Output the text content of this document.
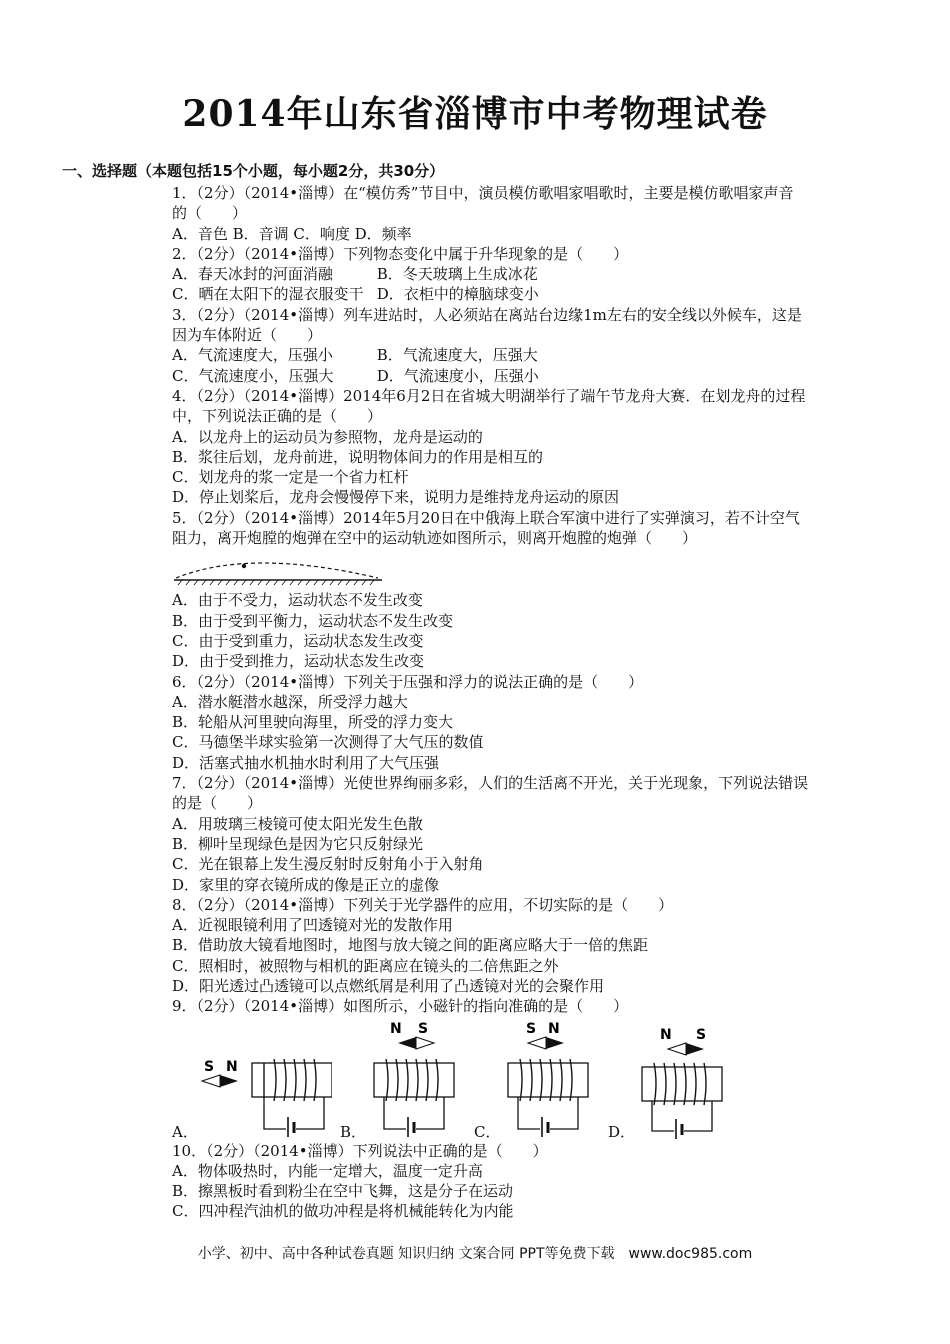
2014年山东省淄博市中考物理试卷
一、选择题（本题包括15个小题，每小题2分，共30分）

1．（2分）（2014•淄博）在“模仿秀”节目中，演员模仿歌唱家唱歌时，主要是模仿歌唱家声音

的（　　）

A．音色 B．音调 C．响度 D．频率

2．（2分）（2014•淄博）下列物态变化中属于升华现象的是（　　）

A．春天冰封的河面消融	B．冬天玻璃上生成冰花

C．晒在太阳下的湿衣服变干 D．衣柜中的樟脑球变小

3．（2分）（2014•淄博）列车进站时，人必须站在离站台边缘1m左右的安全线以外候车，这是

因为车体附近（　　）

A．气流速度大，压强小	B．气流速度大，压强大

C．气流速度小，压强大	D．气流速度小，压强小

4．（2分）（2014•淄博）2014年6月2日在省城大明湖举行了端午节龙舟大赛．在划龙舟的过程

中，下列说法正确的是（　　）

A．以龙舟上的运动员为参照物，龙舟是运动的

B．浆往后划，龙舟前进，说明物体间力的作用是相互的

C．划龙舟的浆一定是一个省力杠杆

D．停止划桨后，龙舟会慢慢停下来，说明力是维持龙舟运动的原因

5．（2分）（2014•淄博）2014年5月20日在中俄海上联合军演中进行了实弹演习，若不计空气

阻力，离开炮膛的炮弹在空中的运动轨迹如图所示，则离开炮膛的炮弹（　　）

A．由于不受力，运动状态不发生改变

B．由于受到平衡力，运动状态不发生改变

C．由于受到重力，运动状态发生改变

D．由于受到推力，运动状态发生改变

6．（2分）（2014•淄博）下列关于压强和浮力的说法正确的是（　　）

A．潜水艇潜水越深，所受浮力越大

B．轮船从河里驶向海里，所受的浮力变大

C．马德堡半球实验第一次测得了大气压的数值

D．活塞式抽水机抽水时利用了大气压强

7．（2分）（2014•淄博）光使世界绚丽多彩，人们的生活离不开光，关于光现象，下列说法错误

的是（　　）

A．用玻璃三棱镜可使太阳光发生色散

B．柳叶呈现绿色是因为它只反射绿光

C．光在银幕上发生漫反射时反射角小于入射角

D．家里的穿衣镜所成的像是正立的虚像

8．（2分）（2014•淄博）下列关于光学器件的应用，不切实际的是（　　）

A．近视眼镜利用了凹透镜对光的发散作用

B．借助放大镜看地图时，地图与放大镜之间的距离应略大于一倍的焦距

C．照相时，被照物与相机的距离应在镜头的二倍焦距之外

D．阳光透过凸透镜可以点燃纸屑是利用了凸透镜对光的会聚作用

9．（2分）（2014•淄博）如图所示，小磁针的指向准确的是（　　）

S N
A．
N S
B．
S N
C．
N S
D．

10．（2分）（2014•淄博）下列说法中正确的是（　　）

A．物体吸热时，内能一定增大，温度一定升高

B．擦黑板时看到粉尘在空中飞舞，这是分子在运动

C．四冲程汽油机的做功冲程是将机械能转化为内能

小学、初中、高中各种试卷真题 知识归纳 文案合同 PPT等免费下载　www.doc985.com
